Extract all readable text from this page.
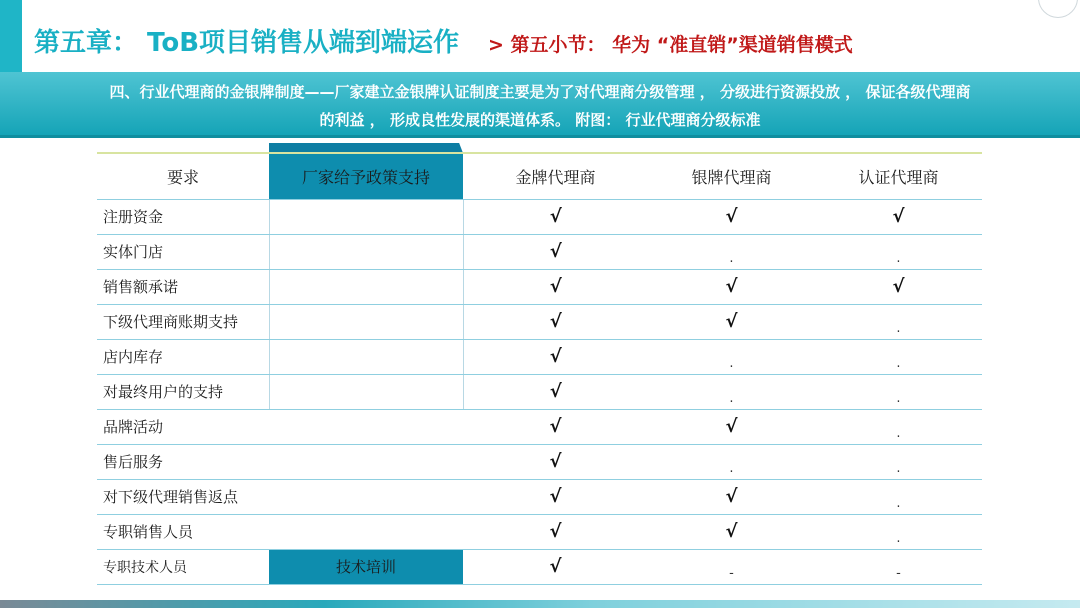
第五章： ToB项目销售从端到端运作 > 第五小节： 华为 “准直销”渠道销售模式

四、行业代理商的金银牌制度——厂家建立金银牌认证制度主要是为了对代理商分级管理 ， 分级进行资源投放 ， 保证各级代理商

的利益 ， 形成良性发展的渠道体系。 附图： 行业代理商分级标准

要求	厂家给予政策支持	金牌代理商	银牌代理商	认证代理商
注册资金		√	√	√
实体门店		√	.	.
销售额承诺		√	√	√
下级代理商账期支持		√	√	.
店内库存		√	.	.
对最终用户的支持		√	.	.
品牌活动		√	√	.
售后服务		√	.	.
对下级代理销售返点		√	√	.
专职销售人员		√	√	.
专职技术人员	技术培训	√	-	-
